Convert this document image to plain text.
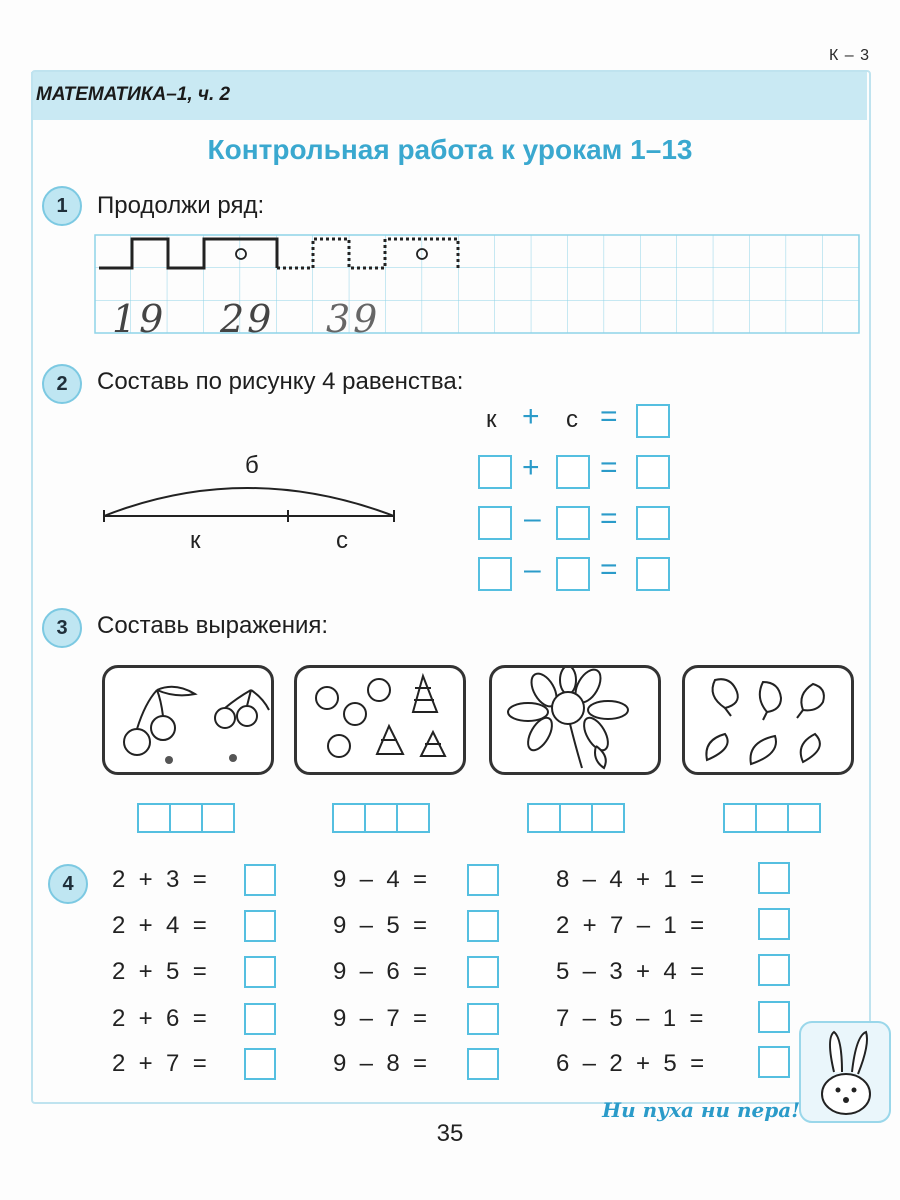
К – 3
МАТЕМАТИКА–1, ч. 2
Контрольная работа к урокам 1–13
1	Продолжи ряд:
19 29 39
2	Составь по рисунку 4 равенства:
б
к	с
к + с =
+ =
– =
– =
3	Составь выражения:
4	2  +  3  =
2  +  4  =
2  +  5  =
2  +  6  =
2  +  7  =
9  –  4  =
9  –  5  =
9  –  6  =
9  –  7  =
9  –  8  =
8  –  4  +  1  =
2  +  7  –  1  =
5  –  3  +  4  =
7  –  5  –  1  =
6  –  2  +  5  =
Ни пуха ни пера!
35
